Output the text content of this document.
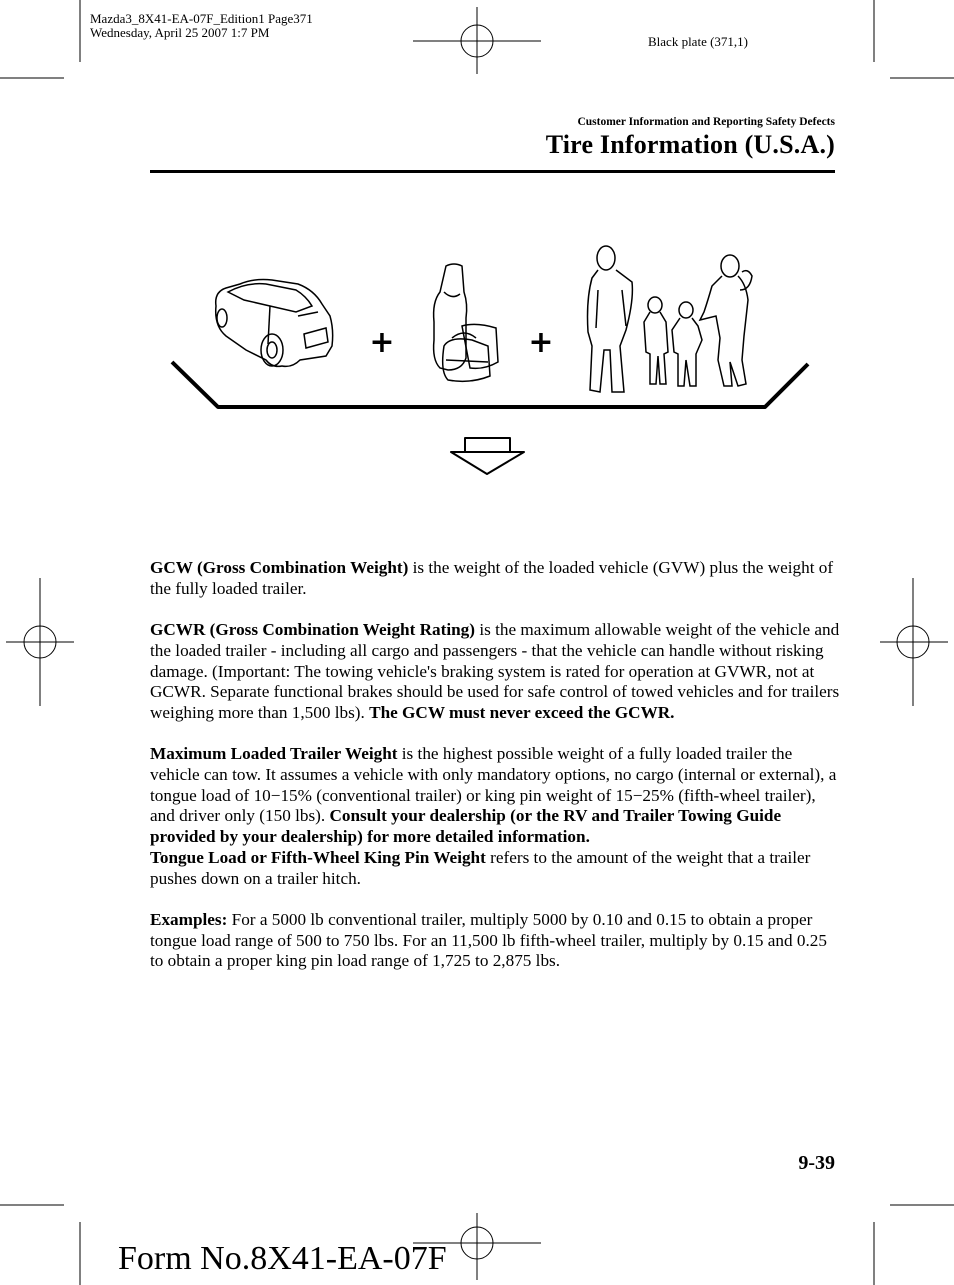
+	+
Mazda3_8X41-EA-07F_Edition1 Page371
Wednesday, April 25 2007 1:7 PM
Black plate (371,1)
Customer Information and Reporting Safety Defects
Tire Information (U.S.A.)

GCW (Gross Combination Weight) is the weight of the loaded vehicle (GVW) plus the weight of the fully loaded trailer.

GCWR (Gross Combination Weight Rating) is the maximum allowable weight of the vehicle and the loaded trailer - including all cargo and passengers - that the vehicle can handle without risking damage. (Important: The towing vehicle's braking system is rated for operation at GVWR, not at GCWR. Separate functional brakes should be used for safe control of towed vehicles and for trailers weighing more than 1,500 lbs). The GCW must never exceed the GCWR.

Maximum Loaded Trailer Weight is the highest possible weight of a fully loaded trailer the vehicle can tow. It assumes a vehicle with only mandatory options, no cargo (internal or external), a tongue load of 10−15% (conventional trailer) or king pin weight of 15−25% (fifth-wheel trailer), and driver only (150 lbs). Consult your dealership (or the RV and Trailer Towing Guide provided by your dealership) for more detailed information.
Tongue Load or Fifth-Wheel King Pin Weight refers to the amount of the weight that a trailer pushes down on a trailer hitch.

Examples: For a 5000 lb conventional trailer, multiply 5000 by 0.10 and 0.15 to obtain a proper tongue load range of 500 to 750 lbs. For an 11,500 lb fifth-wheel trailer, multiply by 0.15 and 0.25 to obtain a proper king pin load range of 1,725 to 2,875 lbs.

9-39
Form No.8X41-EA-07F
